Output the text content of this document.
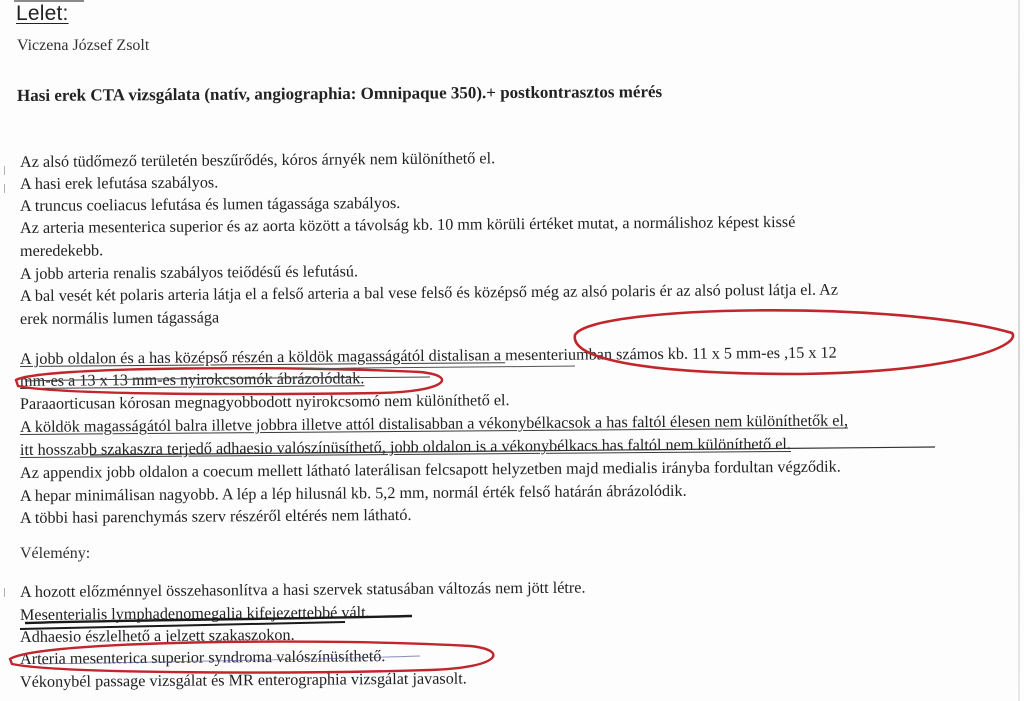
Lelet:
Viczena József Zsolt
Hasi erek CTA vizsgálata (natív, angiographia: Omnipaque 350).+ postkontrasztos mérés
Az alsó tüdőmező területén beszűrődés, kóros árnyék nem különíthető el.
A hasi erek lefutása szabályos.
A truncus coeliacus lefutása és lumen tágassága szabályos.
Az arteria mesenterica superior és az aorta között a távolság kb. 10 mm körüli értéket mutat, a normálishoz képest kissé
meredekebb.
A jobb arteria renalis szabályos teiődésű és lefutású.
A bal vesét két polaris arteria látja el a felső arteria a bal vese felső és középső még az alsó polaris ér az alsó polust látja el. Az
erek normális lumen tágassága
A jobb oldalon és a has középső részén a köldök magasságától distalisan a mesenteriumban számos kb. 11 x 5 mm-es ,15 x 12
mm-es a 13 x 13 mm-es nyirokcsomók ábrázolódtak.
Paraaorticusan kórosan megnagyobbodott nyirokcsomó nem különíthető el.
A köldök magasságától balra illetve jobbra illetve attól distalisabban a vékonybélkacsok a has faltól élesen nem különíthetők el,
itt hosszabb szakaszra terjedő adhaesio valószínüsíthető, jobb oldalon is a vékonybélkacs has faltól nem különíthető el.
Az appendix jobb oldalon a coecum mellett látható laterálisan felcsapott helyzetben majd medialis irányba fordultan végződik.
A hepar minimálisan nagyobb. A lép a lép hilusnál kb. 5,2 mm, normál érték felső határán ábrázolódik.
A többi hasi parenchymás szerv részéről eltérés nem látható.
Vélemény:
A hozott előzménnyel összehasonlítva a hasi szervek statusában változás nem jött létre.
Mesenterialis lymphadenomegalia kifejezettebbé vált.
Adhaesio észlelhető a jelzett szakaszokon.
Arteria mesenterica superior syndroma valószínüsíthető.
Vékonybél passage vizsgálat és MR enterographia vizsgálat javasolt.
